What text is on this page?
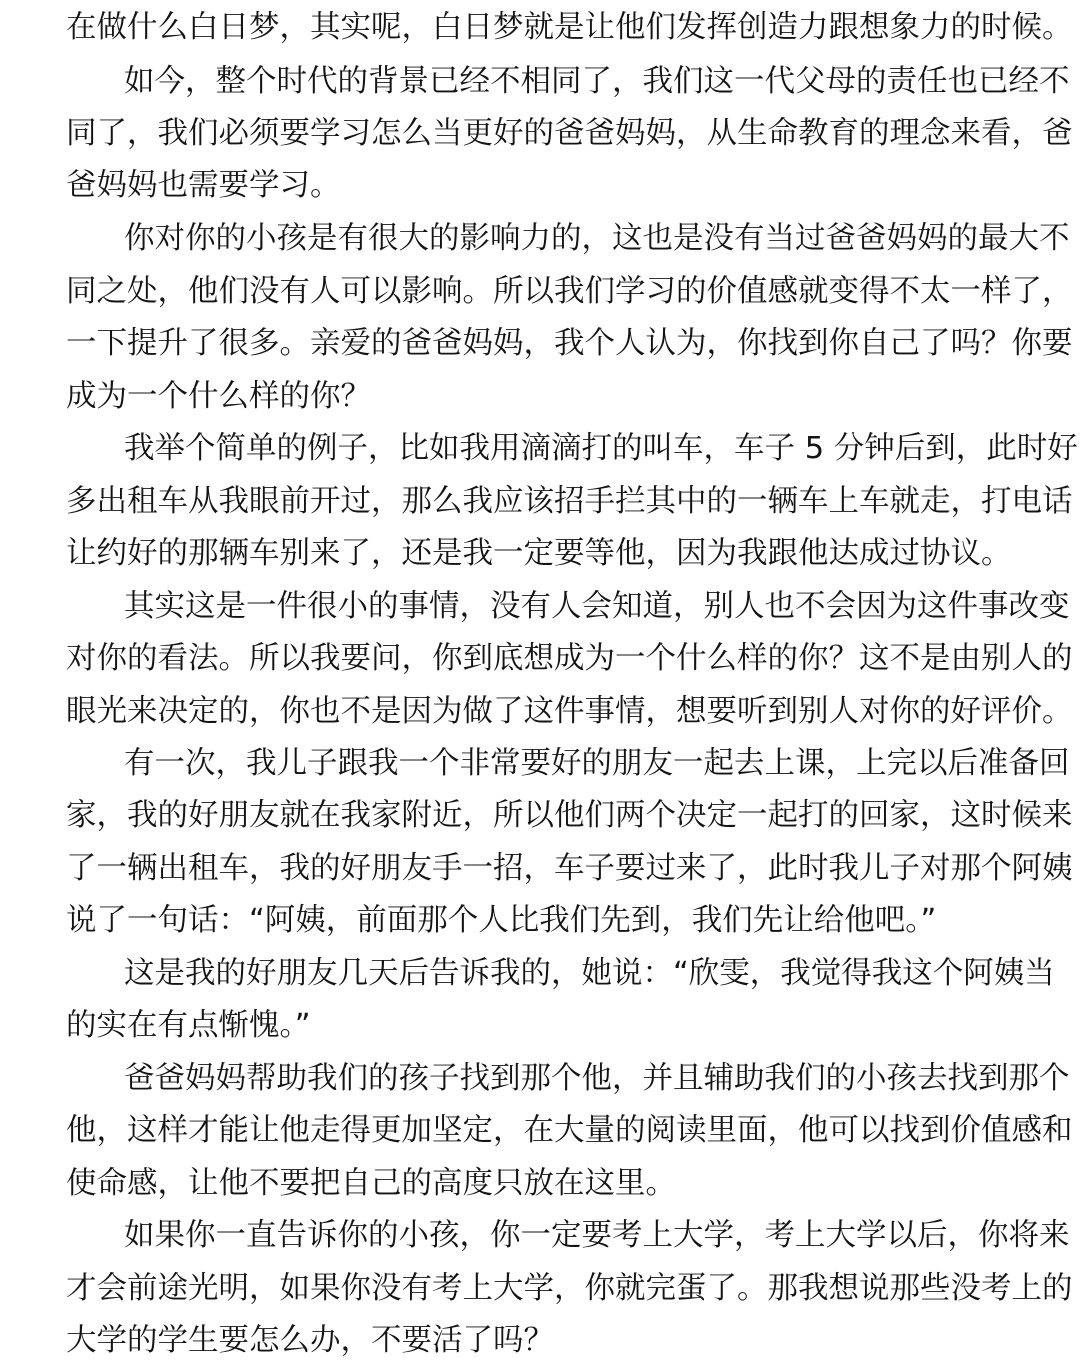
在做什么白日梦，其实呢，白日梦就是让他们发挥创造力跟想象力的时候。
如今，整个时代的背景已经不相同了，我们这一代父母的责任也已经不
同了，我们必须要学习怎么当更好的爸爸妈妈，从生命教育的理念来看，爸
爸妈妈也需要学习。
你对你的小孩是有很大的影响力的，这也是没有当过爸爸妈妈的最大不
同之处，他们没有人可以影响。所以我们学习的价值感就变得不太一样了，
一下提升了很多。亲爱的爸爸妈妈，我个人认为，你找到你自己了吗？你要
成为一个什么样的你？
我举个简单的例子，比如我用滴滴打的叫车，车子 5 分钟后到，此时好
多出租车从我眼前开过，那么我应该招手拦其中的一辆车上车就走，打电话
让约好的那辆车别来了，还是我一定要等他，因为我跟他达成过协议。
其实这是一件很小的事情，没有人会知道，别人也不会因为这件事改变
对你的看法。所以我要问，你到底想成为一个什么样的你？这不是由别人的
眼光来决定的，你也不是因为做了这件事情，想要听到别人对你的好评价。
有一次，我儿子跟我一个非常要好的朋友一起去上课，上完以后准备回
家，我的好朋友就在我家附近，所以他们两个决定一起打的回家，这时候来
了一辆出租车，我的好朋友手一招，车子要过来了，此时我儿子对那个阿姨
说了一句话：“阿姨，前面那个人比我们先到，我们先让给他吧。”
这是我的好朋友几天后告诉我的，她说：“欣雯，我觉得我这个阿姨当
的实在有点惭愧。”
爸爸妈妈帮助我们的孩子找到那个他，并且辅助我们的小孩去找到那个
他，这样才能让他走得更加坚定，在大量的阅读里面，他可以找到价值感和
使命感，让他不要把自己的高度只放在这里。
如果你一直告诉你的小孩，你一定要考上大学，考上大学以后，你将来
才会前途光明，如果你没有考上大学，你就完蛋了。那我想说那些没考上的
大学的学生要怎么办，不要活了吗？
